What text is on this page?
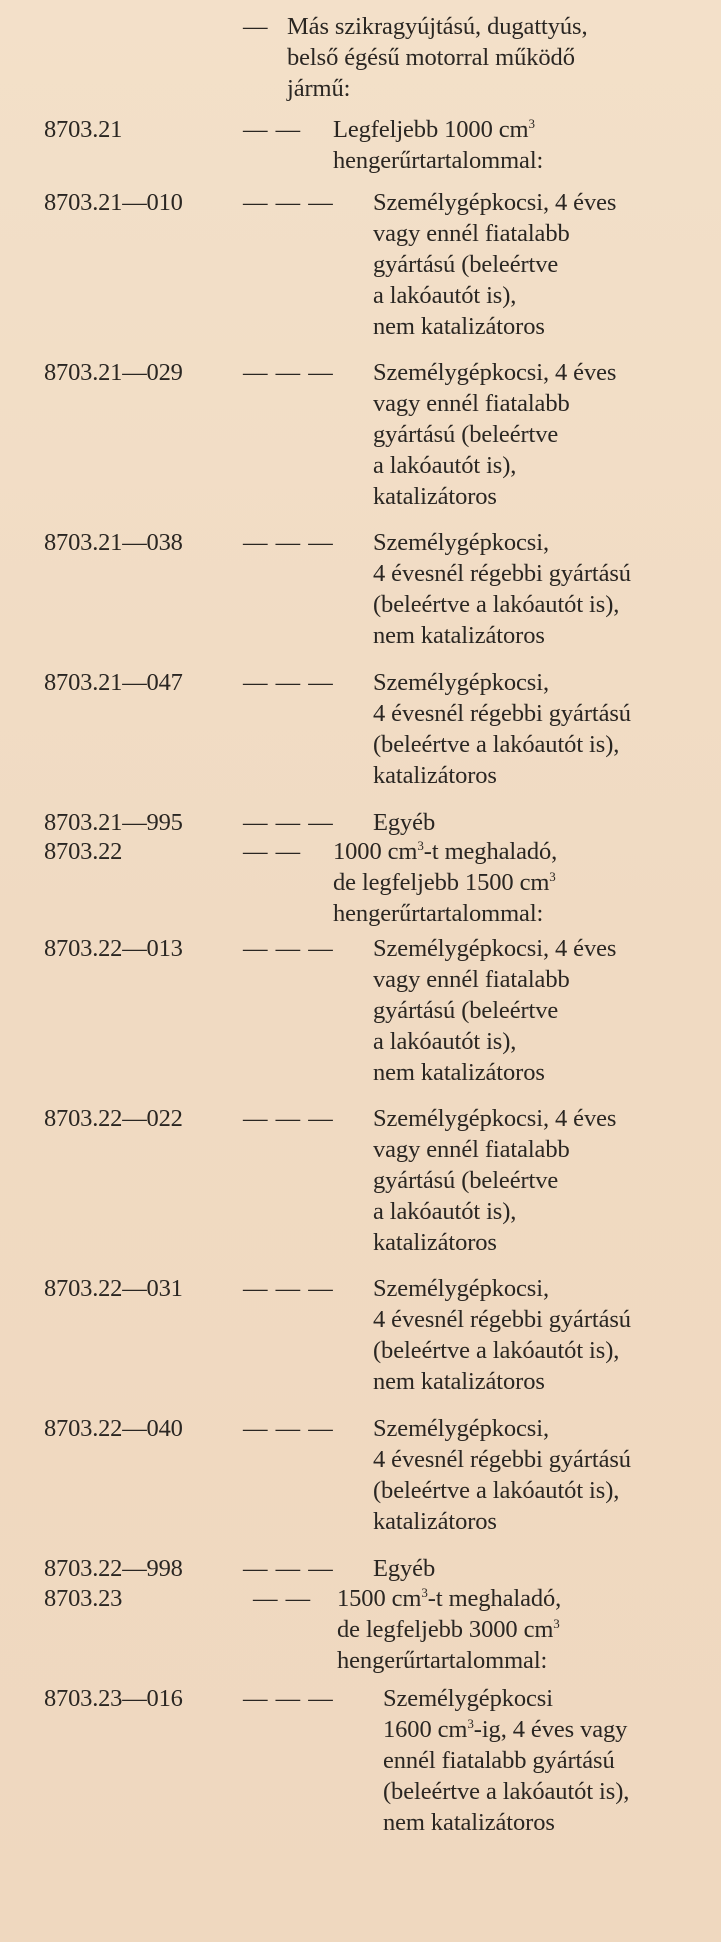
— Más szikragyújtású, dugattyús,
belső égésű motorral működő
jármű:
8703.21	— — Legfeljebb 1000 $cm^3$
hengerűrtartalommal:
8703.21—010 — — — Személygépkocsi, 4 éves
vagy ennél fiatalabb
gyártású (beleértve
a lakóautót is),
nem katalizátoros
8703.21—029 — — — Személygépkocsi, 4 éves
vagy ennél fiatalabb
gyártású (beleértve
a lakóautót is),
katalizátoros
8703.21—038 — — — Személygépkocsi,
4 évesnél régebbi gyártású
(beleértve a lakóautót is),
nem katalizátoros
8703.21—047 — — — Személygépkocsi,
4 évesnél régebbi gyártású
(beleértve a lakóautót is),
katalizátoros
8703.21—995 — — — Egyéb
8703.22	— — 1000 $cm^3-t$ meghaladó,
de legfeljebb 1500 $cm^3$
hengerűrtartalommal:
8703.22—013 — — — Személygépkocsi, 4 éves
vagy ennél fiatalabb
gyártású (beleértve
a lakóautót is),
nem katalizátoros
8703.22—022 — — — Személygépkocsi, 4 éves
vagy ennél fiatalabb
gyártású (beleértve
a lakóautót is),
katalizátoros
8703.22—031 — — — Személygépkocsi,
4 évesnél régebbi gyártású
(beleértve a lakóautót is),
nem katalizátoros
8703.22—040 — — — Személygépkocsi,
4 évesnél régebbi gyártású
(beleértve a lakóautót is),
katalizátoros
8703.22—998 — — — Egyéb
8703.23	— — 1500 $cm^3-t$ meghaladó,
de legfeljebb 3000 $cm^3$
hengerűrtartalommal:
8703.23—016 — — — Személygépkocsi
1600 $cm^3-ig$, 4 éves vagy
ennél fiatalabb gyártású
(beleértve a lakóautót is),
nem katalizátoros
